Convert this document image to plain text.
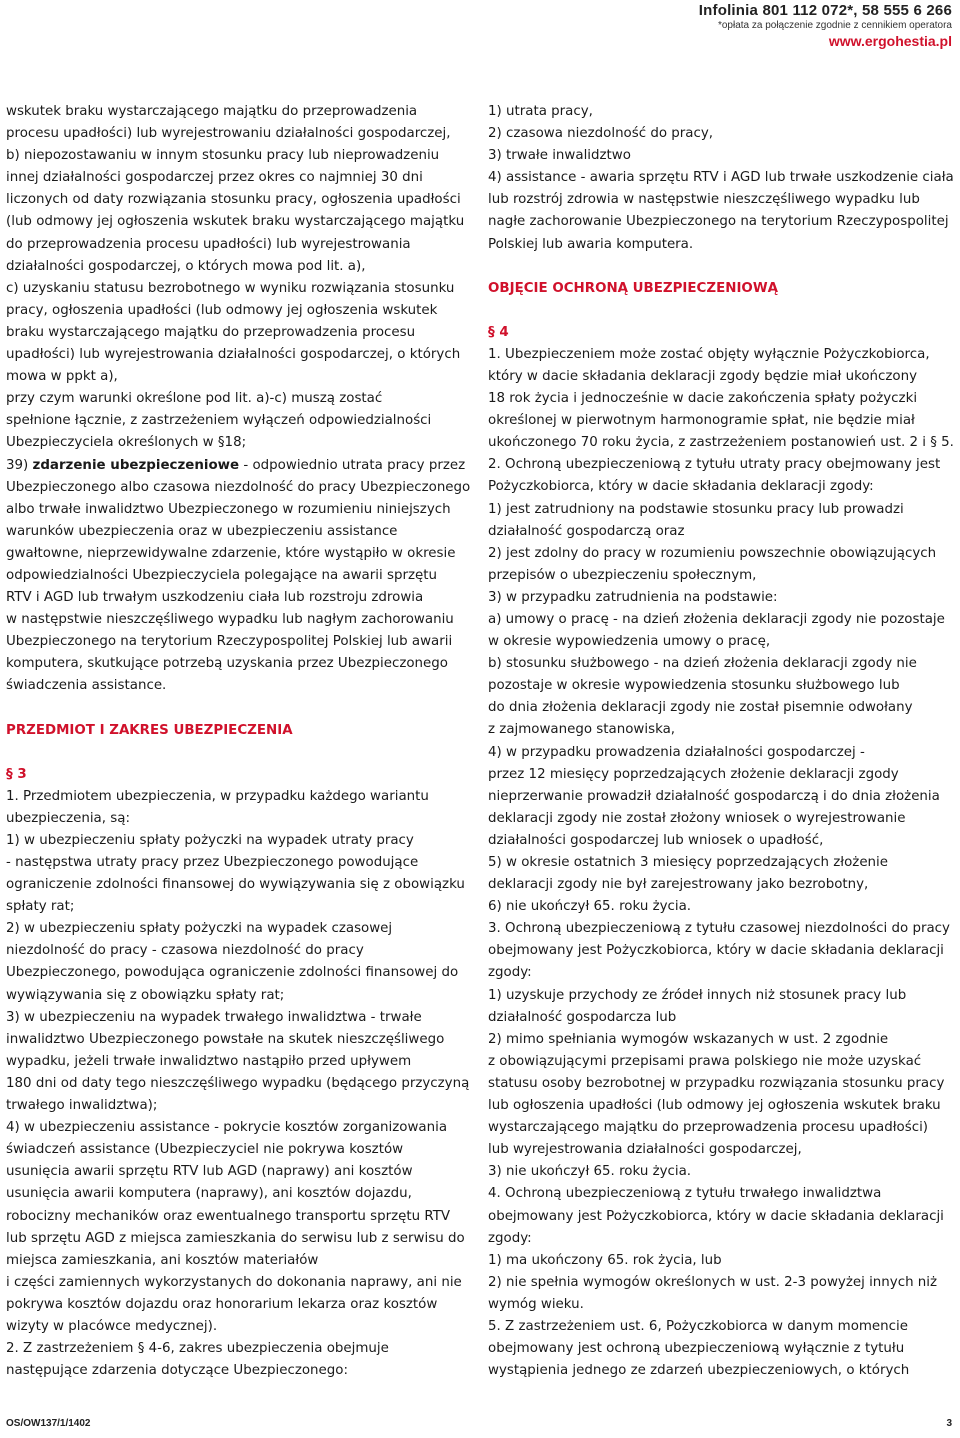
Infolinia 801 112 072*, 58 555 6 266
*opłata za połączenie zgodnie z cennikiem operatora
www.ergohestia.pl

wskutek braku wystarczającego majątku do przeprowadzenia

procesu upadłości) lub wyrejestrowaniu działalności gospodarczej,

b) niepozostawaniu w innym stosunku pracy lub nieprowadzeniu

innej działalności gospodarczej przez okres co najmniej 30 dni

liczonych od daty rozwiązania stosunku pracy, ogłoszenia upadłości

(lub odmowy jej ogłoszenia wskutek braku wystarczającego majątku

do przeprowadzenia procesu upadłości) lub wyrejestrowania

działalności gospodarczej, o których mowa pod lit. a),

c) uzyskaniu statusu bezrobotnego w wyniku rozwiązania stosunku

pracy, ogłoszenia upadłości (lub odmowy jej ogłoszenia wskutek

braku wystarczającego majątku do przeprowadzenia procesu

upadłości) lub wyrejestrowania działalności gospodarczej, o których

mowa w ppkt a),

przy czym warunki określone pod lit. a)-c) muszą zostać

spełnione łącznie, z zastrzeżeniem wyłączeń odpowiedzialności

Ubezpieczyciela określonych w §18;

39) zdarzenie ubezpieczeniowe - odpowiednio utrata pracy przez

Ubezpieczonego albo czasowa niezdolność do pracy Ubezpieczonego

albo trwałe inwalidztwo Ubezpieczonego w rozumieniu niniejszych

warunków ubezpieczenia oraz w ubezpieczeniu assistance

gwałtowne, nieprzewidywalne zdarzenie, które wystąpiło w okresie

odpowiedzialności Ubezpieczyciela polegające na awarii sprzętu

RTV i AGD lub trwałym uszkodzeniu ciała lub rozstroju zdrowia

w następstwie nieszczęśliwego wypadku lub nagłym zachorowaniu

Ubezpieczonego na terytorium Rzeczypospolitej Polskiej lub awarii

komputera, skutkujące potrzebą uzyskania przez Ubezpieczonego

świadczenia assistance.

PRZEDMIOT I ZAKRES UBEZPIECZENIA
§ 3

1. Przedmiotem ubezpieczenia, w przypadku każdego wariantu

ubezpieczenia, są:

1) w ubezpieczeniu spłaty pożyczki na wypadek utraty pracy

- następstwa utraty pracy przez Ubezpieczonego powodujące

ograniczenie zdolności finansowej do wywiązywania się z obowiązku

spłaty rat;

2) w ubezpieczeniu spłaty pożyczki na wypadek czasowej

niezdolność do pracy - czasowa niezdolność do pracy

Ubezpieczonego, powodująca ograniczenie zdolności finansowej do

wywiązywania się z obowiązku spłaty rat;

3) w ubezpieczeniu na wypadek trwałego inwalidztwa - trwałe

inwalidztwo Ubezpieczonego powstałe na skutek nieszczęśliwego

wypadku, jeżeli trwałe inwalidztwo nastąpiło przed upływem

180 dni od daty tego nieszczęśliwego wypadku (będącego przyczyną

trwałego inwalidztwa);

4) w ubezpieczeniu assistance - pokrycie kosztów zorganizowania

świadczeń assistance (Ubezpieczyciel nie pokrywa kosztów

usunięcia awarii sprzętu RTV lub AGD (naprawy) ani kosztów

usunięcia awarii komputera (naprawy), ani kosztów dojazdu,

robocizny mechaników oraz ewentualnego transportu sprzętu RTV

lub sprzętu AGD z miejsca zamieszkania do serwisu lub z serwisu do

miejsca zamieszkania, ani kosztów materiałów

i części zamiennych wykorzystanych do dokonania naprawy, ani nie

pokrywa kosztów dojazdu oraz honorarium lekarza oraz kosztów

wizyty w placówce medycznej).

2. Z zastrzeżeniem § 4-6, zakres ubezpieczenia obejmuje

następujące zdarzenia dotyczące Ubezpieczonego:

1) utrata pracy,

2) czasowa niezdolność do pracy,

3) trwałe inwalidztwo

4) assistance - awaria sprzętu RTV i AGD lub trwałe uszkodzenie ciała

lub rozstrój zdrowia w następstwie nieszczęśliwego wypadku lub

nagłe zachorowanie Ubezpieczonego na terytorium Rzeczypospolitej

Polskiej lub awaria komputera.

OBJĘCIE OCHRONĄ UBEZPIECZENIOWĄ
§ 4

1. Ubezpieczeniem może zostać objęty wyłącznie Pożyczkobiorca,

który w dacie składania deklaracji zgody będzie miał ukończony

18 rok życia i jednocześnie w dacie zakończenia spłaty pożyczki

określonej w pierwotnym harmonogramie spłat, nie będzie miał

ukończonego 70 roku życia, z zastrzeżeniem postanowień ust. 2 i § 5.

2. Ochroną ubezpieczeniową z tytułu utraty pracy obejmowany jest

Pożyczkobiorca, który w dacie składania deklaracji zgody:

1) jest zatrudniony na podstawie stosunku pracy lub prowadzi

działalność gospodarczą oraz

2) jest zdolny do pracy w rozumieniu powszechnie obowiązujących

przepisów o ubezpieczeniu społecznym,

3) w przypadku zatrudnienia na podstawie:

a) umowy o pracę - na dzień złożenia deklaracji zgody nie pozostaje

w okresie wypowiedzenia umowy o pracę,

b) stosunku służbowego - na dzień złożenia deklaracji zgody nie

pozostaje w okresie wypowiedzenia stosunku służbowego lub

do dnia złożenia deklaracji zgody nie został pisemnie odwołany

z zajmowanego stanowiska,

4) w przypadku prowadzenia działalności gospodarczej -

przez 12 miesięcy poprzedzających złożenie deklaracji zgody

nieprzerwanie prowadził działalność gospodarczą i do dnia złożenia

deklaracji zgody nie został złożony wniosek o wyrejestrowanie

działalności gospodarczej lub wniosek o upadłość,

5) w okresie ostatnich 3 miesięcy poprzedzających złożenie

deklaracji zgody nie był zarejestrowany jako bezrobotny,

6) nie ukończył 65. roku życia.

3. Ochroną ubezpieczeniową z tytułu czasowej niezdolności do pracy

obejmowany jest Pożyczkobiorca, który w dacie składania deklaracji

zgody:

1) uzyskuje przychody ze źródeł innych niż stosunek pracy lub

działalność gospodarcza lub

2) mimo spełniania wymogów wskazanych w ust. 2 zgodnie

z obowiązującymi przepisami prawa polskiego nie może uzyskać

statusu osoby bezrobotnej w przypadku rozwiązania stosunku pracy

lub ogłoszenia upadłości (lub odmowy jej ogłoszenia wskutek braku

wystarczającego majątku do przeprowadzenia procesu upadłości)

lub wyrejestrowania działalności gospodarczej,

3) nie ukończył 65. roku życia.

4. Ochroną ubezpieczeniową z tytułu trwałego inwalidztwa

obejmowany jest Pożyczkobiorca, który w dacie składania deklaracji

zgody:

1) ma ukończony 65. rok życia, lub

2) nie spełnia wymogów określonych w ust. 2-3 powyżej innych niż

wymóg wieku.

5. Z zastrzeżeniem ust. 6, Pożyczkobiorca w danym momencie

obejmowany jest ochroną ubezpieczeniową wyłącznie z tytułu

wystąpienia jednego ze zdarzeń ubezpieczeniowych, o których

OS/OW137/1/1402	3
